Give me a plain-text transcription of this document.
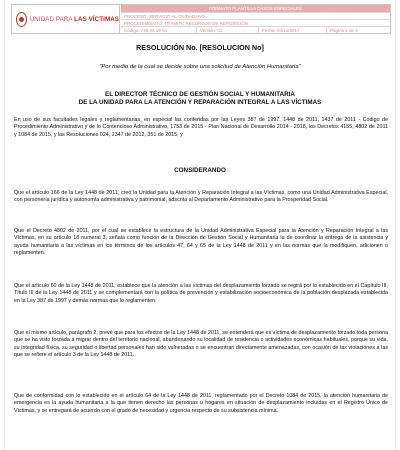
UNIDAD PARA LAS VÍCTIMAS
FORMATO PLANTILLA CASOS ESPECIALES
PROCESO: SERVICIO AL CIUDADANO
PROCEDIMIENTO: TRAMITE RECURSOS DE REPOSICIÓN
Código: 740,04.15-51	Versión: 02	Fecha: 04/12/2017	Página 1 de 4
RESOLUCIÓN No. [RESOLUCION No]
"Por medio de la cual se decide sobre una solicitud de Atención Humanitaria"
EL DIRECTOR TÉCNICO DE GESTIÓN SOCIAL Y HUMANITARIA
DE LA UNIDAD PARA LA ATENCIÓN Y REPARACIÓN INTEGRAL A LAS VÍCTIMAS
En uso de sus facultades legales y reglamentarias, en especial las conferidas por las Leyes 387 de 1997, 1448 de 2011, 1437 de 2011 - Código de Procedimiento Administrativo y de lo Contencioso Administrativo, 1753 de 2015 - Plan Nacional de Desarrollo 2014 - 2018, los Decretos 4155, 4802 de 2011 y 1084 de 2015, y las Resoluciones 024, 2347 de 2012, 351 de 2015, y
CONSIDERANDO
Que el artículo 166 de la Ley 1448 de 2011, creó la Unidad para la Atención y Reparación Integral a las Víctimas, como una Unidad Administrativa Especial, con personería jurídica y autonomía administrativa y patrimonial, adscrita al Departamento Administrativo para la Prosperidad Social.
Que el Decreto 4802 de 2011, por el cual se establece la estructura de la Unidad Administrativa Especial para la Atención y Reparación Integral a las Víctimas, en su artículo 18 numeral 3, señala como función de la Dirección de Gestión Social y Humanitaria la de coordinar la entrega de la asistencia y ayuda humanitaria a las víctimas en los términos de los artículos 47, 64 y 65 de la Ley 1448 de 2011 y en las normas que la modifiquen, adicionen o reglamenten.
Que el artículo 60 de la Ley 1448 de 2011, establece que la atención a las víctimas del desplazamiento forzado se regirá por lo establecido en el Capítulo III, Título III de la Ley 1448 de 2011 y se complementará con la política de prevención y estabilización socioeconómica de la población desplazada establecida en la Ley 387 de 1997 y demás normas que lo reglamenten.
Que el mismo artículo, parágrafo 2, prevé que para los efectos de la Ley 1448 de 2011, se entenderá que es víctima de desplazamiento forzado toda persona que se ha visto forzada a migrar dentro del territorio nacional, abandonando su localidad de residencia o actividades económicas habituales, porque su vida, su integridad física, su seguridad o libertad personales han sido vulneradas o se encuentran directamente amenazadas, con ocasión de las violaciones a las que se refiere el artículo 3 de la Ley 1448 de 2011.
Que de conformidad con lo establecido en el artículo 64 de la Ley 1448 de 2011, reglamentado por el Decreto 1084 de 2015, la atención humanitaria de emergencia es la ayuda humanitaria a la que tienen derecho las personas u hogares en situación de desplazamiento incluidas en el Registro Único de Víctimas, y se entregará de acuerdo con el grado de necesidad y urgencia respecto de su subsistencia mínima.
